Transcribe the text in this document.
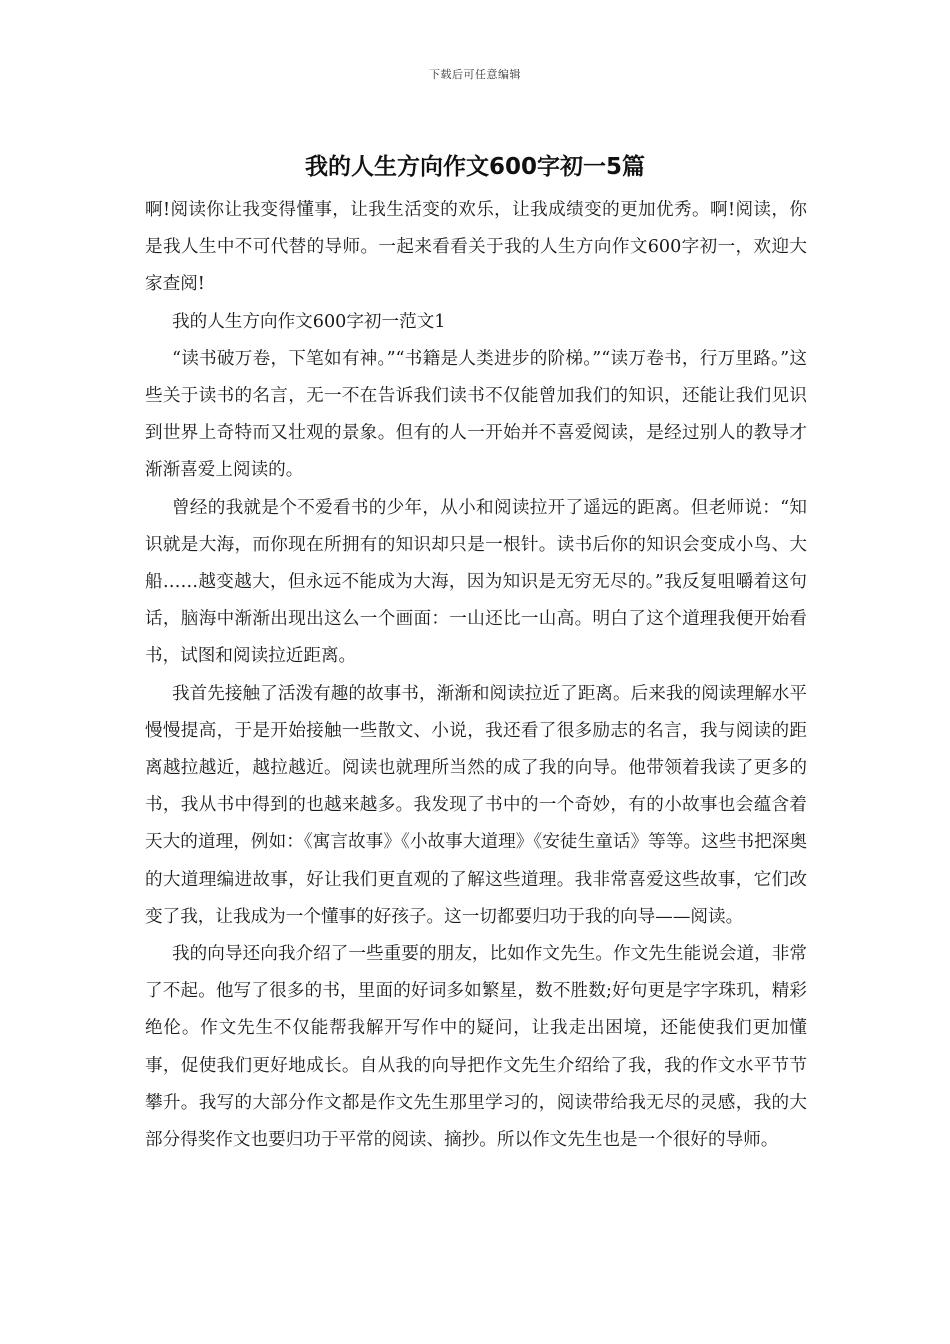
下载后可任意编辑
我的人生方向作文600字初一5篇

啊!阅读你让我变得懂事，让我生活变的欢乐，让我成绩变的更加优秀。啊!阅读，你是我人生中不可代替的导师。一起来看看关于我的人生方向作文600字初一，欢迎大家查阅!

我的人生方向作文600字初一范文1

“读书破万卷，下笔如有神。”“书籍是人类进步的阶梯。”“读万卷书，行万里路。”这些关于读书的名言，无一不在告诉我们读书不仅能曾加我们的知识，还能让我们见识到世界上奇特而又壮观的景象。但有的人一开始并不喜爱阅读，是经过别人的教导才渐渐喜爱上阅读的。

曾经的我就是个不爱看书的少年，从小和阅读拉开了遥远的距离。但老师说：“知识就是大海，而你现在所拥有的知识却只是一根针。读书后你的知识会变成小鸟、大船……越变越大，但永远不能成为大海，因为知识是无穷无尽的。”我反复咀嚼着这句话，脑海中渐渐出现出这么一个画面：一山还比一山高。明白了这个道理我便开始看书，试图和阅读拉近距离。

我首先接触了活泼有趣的故事书，渐渐和阅读拉近了距离。后来我的阅读理解水平慢慢提高，于是开始接触一些散文、小说，我还看了很多励志的名言，我与阅读的距离越拉越近，越拉越近。阅读也就理所当然的成了我的向导。他带领着我读了更多的书，我从书中得到的也越来越多。我发现了书中的一个奇妙，有的小故事也会蕴含着天大的道理，例如：《寓言故事》《小故事大道理》《安徒生童话》等等。这些书把深奥的大道理编进故事，好让我们更直观的了解这些道理。我非常喜爱这些故事，它们改变了我，让我成为一个懂事的好孩子。这一切都要归功于我的向导——阅读。

我的向导还向我介绍了一些重要的朋友，比如作文先生。作文先生能说会道，非常了不起。他写了很多的书，里面的好词多如繁星，数不胜数;好句更是字字珠玑，精彩绝伦。作文先生不仅能帮我解开写作中的疑问，让我走出困境，还能使我们更加懂事，促使我们更好地成长。自从我的向导把作文先生介绍给了我，我的作文水平节节攀升。我写的大部分作文都是作文先生那里学习的，阅读带给我无尽的灵感，我的大部分得奖作文也要归功于平常的阅读、摘抄。所以作文先生也是一个很好的导师。
